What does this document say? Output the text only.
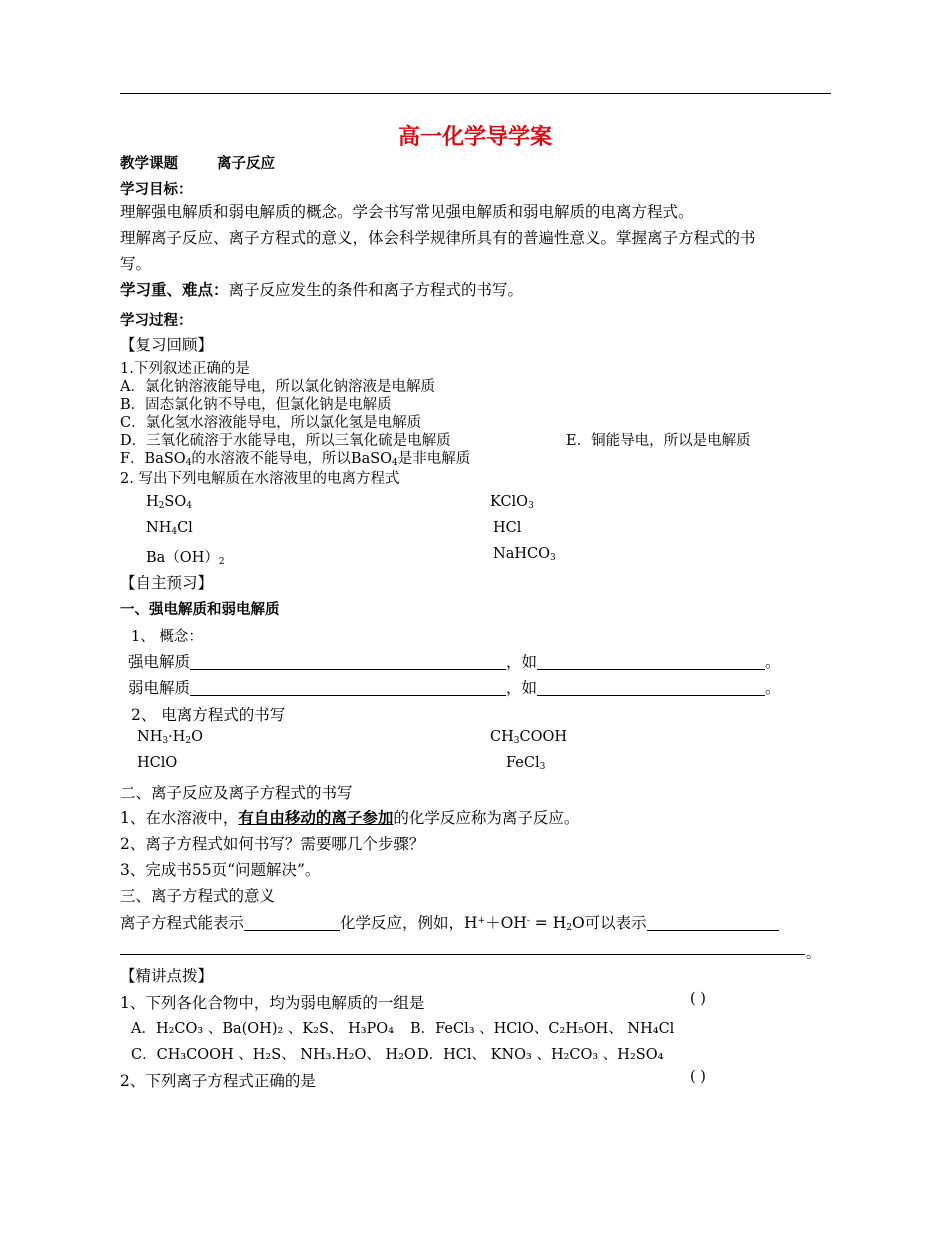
高一化学导学案
教学课题	离子反应
学习目标：
理解强电解质和弱电解质的概念。学会书写常见强电解质和弱电解质的电离方程式。
理解离子反应、离子方程式的意义，体会科学规律所具有的普遍性意义。掌握离子方程式的书
写。
学习重、难点：离子反应发生的条件和离子方程式的书写。
学习过程：
【复习回顾】
1.下列叙述正确的是
A．氯化钠溶液能导电，所以氯化钠溶液是电解质
B．固态氯化钠不导电，但氯化钠是电解质
C．氯化氢水溶液能导电，所以氯化氢是电解质
D．三氧化硫溶于水能导电，所以三氧化硫是电解质	E．铜能导电，所以是电解质
F．BaSO$_4$的水溶液不能导电，所以BaSO$_4$是非电解质
2. 写出下列电解质在水溶液里的电离方程式
$H_2SO_4$	KClO$_3$
$NH_4Cl$	HCl
$Ba(OH)_2$	NaHCO$_3$
【自主预习】
一、强电解质和弱电解质
1、 概念：
强电解质	，如	。
弱电解质	，如	。
2、 电离方程式的书写
$NH_3\cdot H_2O$	$CH_3COOH$
HClO	FeCl$_3$
二、离子反应及离子方程式的书写
1、在水溶液中，有自由移动的离子参加的化学反应称为离子反应。
2、离子方程式如何书写？需要哪几个步骤？
3、完成书55页“问题解决”。
三、离子方程式的意义
离子方程式能表示	化学反应，例如，$H^++OH^- = H_2O$可以表示
。
【精讲点拨】
1、下列各化合物中，均为弱电解质的一组是	( )
A．H₂CO₃ 、Ba(OH)₂ 、K₂S、 H₃PO₄ B．FeCl₃ 、HClO、C₂H₅OH、 NH₄Cl
C．CH₃COOH 、H₂S、 NH₃.H₂O、 H₂O D．HCl、 KNO₃ 、H₂CO₃ 、H₂SO₄
2、下列离子方程式正确的是	( )
